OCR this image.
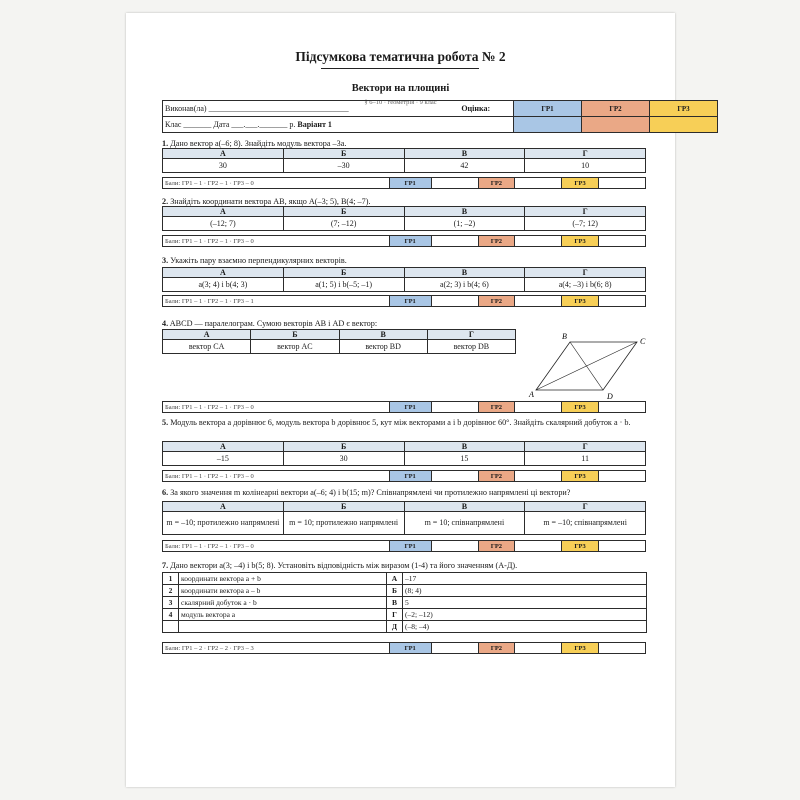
Підсумкова тематична робота № 2
Вектори на площині
§ 6–10 · геометрія · 9 клас
Виконав(ла) ___________________________________	Оцінка:	ГР1	ГР2	ГР3
Клас _______ Дата ___.___._______ р. Варіант 1				
1. Дано вектор a(–6; 8). Знайдіть модуль вектора –3a.
А	Б	В	Г
30	–30	42	10
Бали: ГР1 – 1 · ГР2 – 1 · ГР3 – 0	ГР1		ГР2		ГР3	
2. Знайдіть координати вектора AB, якщо A(–3; 5), B(4; –7).
А	Б	В	Г
(–12; 7)	(7; –12)	(1; –2)	(–7; 12)
Бали: ГР1 – 1 · ГР2 – 1 · ГР3 – 0	ГР1		ГР2		ГР3	
3. Укажіть пару взаємно перпендикулярних векторів.
А	Б	В	Г
a(3; 4) і b(4; 3)	a(1; 5) і b(–5; –1)	a(2; 3) і b(4; 6)	a(4; –3) і b(6; 8)
Бали: ГР1 – 1 · ГР2 – 1 · ГР3 – 1	ГР1		ГР2		ГР3	
4. ABCD — паралелограм. Сумою векторів AB і AD є вектор:
А	Б	В	Г
вектор CA	вектор AC	вектор BD	вектор DB
Бали: ГР1 – 1 · ГР2 – 1 · ГР3 – 0	ГР1		ГР2		ГР3	
5. Модуль вектора a дорівнює 6, модуль вектора b дорівнює 5, кут між векторами a і b дорівнює 60°. Знайдіть скалярний добуток a · b.
А	Б	В	Г
–15	30	15	11
Бали: ГР1 – 1 · ГР2 – 1 · ГР3 – 0	ГР1		ГР2		ГР3	
6. За якого значення m колінеарні вектори a(–6; 4) і b(15; m)? Співнапрямлені чи протилежно напрямлені ці вектори?
А	Б	В	Г
m = –10; протилежно напрямлені	m = 10; протилежно напрямлені	m = 10; співнапрямлені	m = –10; співнапрямлені
Бали: ГР1 – 1 · ГР2 – 1 · ГР3 – 0	ГР1		ГР2		ГР3	
7. Дано вектори a(3; –4) і b(5; 8). Установіть відповідність між виразом (1-4) та його значенням (А-Д).
1	координати вектора a + b	А	–17
2	координати вектора a – b	Б	(8; 4)
3	скалярний добуток a · b	В	5
4	модуль вектора a	Г	(–2; –12)
		Д	(–8; –4)
Бали: ГР1 – 2 · ГР2 – 2 · ГР3 – 3	ГР1		ГР2		ГР3	
B
C
A	D
